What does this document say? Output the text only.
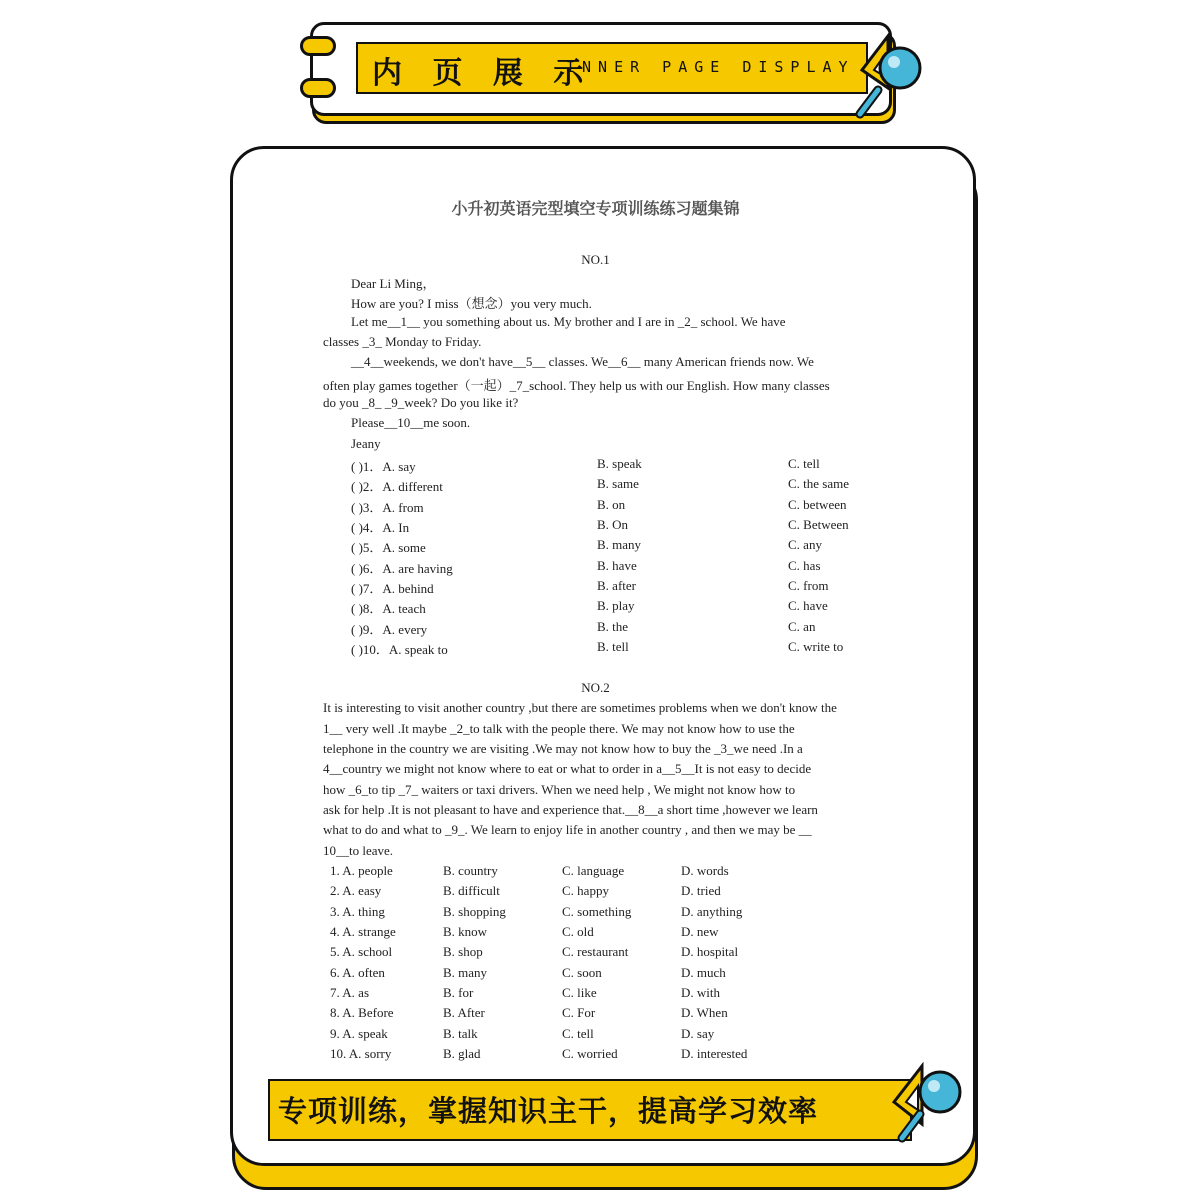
内 页 展 示
INNER PAGE DISPLAY
小升初英语完型填空专项训练练习题集锦
NO.1
Dear Li Ming，
How are you? I miss（想念）you very much.
Let me__1__ you something about us. My brother and I are in _2_ school. We have
classes _3_ Monday to Friday.
__4__weekends, we don't have__5__ classes. We__6__ many American friends now. We
often play games together（一起）_7_school. They help us with our English. How many classes
do you _8_ _9_week? Do you like it?
Please__10__me soon.
Jeany
( )1．A. say	B. speak	C. tell
( )2．A. different	B. same	C. the same
( )3．A. from	B. on	C. between
( )4．A. In	B. On	C. Between
( )5．A. some	B. many	C. any
( )6．A. are having	B. have	C. has
( )7．A. behind	B. after	C. from
( )8．A. teach	B. play	C. have
( )9．A. every	B. the	C. an
( )10．A. speak to	B. tell	C. write to
NO.2
It is interesting to visit another country ,but there are sometimes problems when we don't know the
1__ very well .It maybe _2_to talk with the people there. We may not know how to use the
telephone in the country we are visiting .We may not know how to buy the _3_we need .In a
4__country we might not know where to eat or what to order in a__5__It is not easy to decide
how _6_to tip _7_ waiters or taxi drivers. When we need help , We might not know how to
ask for help .It is not pleasant to have and experience that.__8__a short time ,however we learn
what to do and what to _9_. We learn to enjoy life in another country , and then we may be __
10__to leave.
1. A. people	B. country	C. language	D. words
2. A. easy	B. difficult	C. happy	D. tried
3. A. thing	B. shopping	C. something	D. anything
4. A. strange	B. know	C. old	D. new
5. A. school	B. shop	C. restaurant	D. hospital
6. A. often	B. many	C. soon	D. much
7. A. as	B. for	C. like	D. with
8. A. Before	B. After	C. For	D. When
9. A. speak	B. talk	C. tell	D. say
10. A. sorry	B. glad	C. worried	D. interested
专项训练，掌握知识主干，提高学习效率
